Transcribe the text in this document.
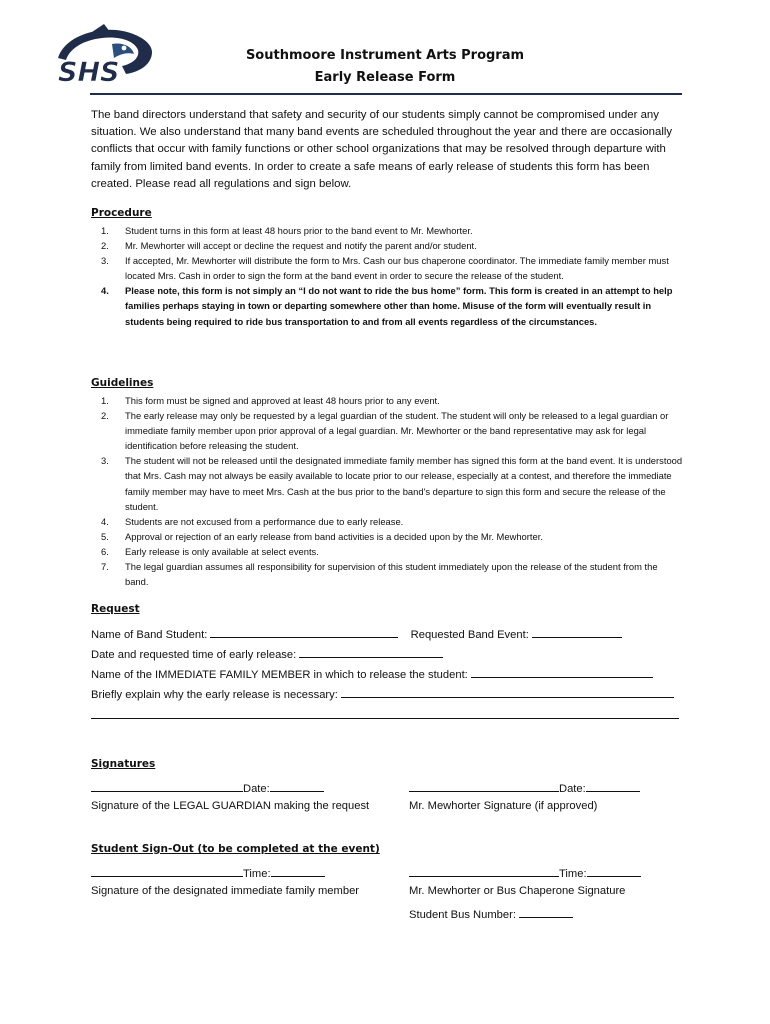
SHS
Southmoore Instrument Arts Program
Early Release Form
The band directors understand that safety and security of our students simply cannot be compromised under any situation. We also understand that many band events are scheduled throughout the year and there are occasionally conflicts that occur with family functions or other school organizations that may be resolved through departure with family from limited band events. In order to create a safe means of early release of students this form has been created. Please read all regulations and sign below.
Procedure
1. Student turns in this form at least 48 hours prior to the band event to Mr. Mewhorter.
2. Mr. Mewhorter will accept or decline the request and notify the parent and/or student.
3. If accepted, Mr. Mewhorter will distribute the form to Mrs. Cash our bus chaperone coordinator. The immediate family member must located Mrs. Cash in order to sign the form at the band event in order to secure the release of the student.
4. Please note, this form is not simply an “I do not want to ride the bus home” form. This form is created in an attempt to help families perhaps staying in town or departing somewhere other than home. Misuse of the form will eventually result in students being required to ride bus transportation to and from all events regardless of the circumstances.
Guidelines
1. This form must be signed and approved at least 48 hours prior to any event.
2. The early release may only be requested by a legal guardian of the student. The student will only be released to a legal guardian or immediate family member upon prior approval of a legal guardian. Mr. Mewhorter or the band representative may ask for legal identification before releasing the student.
3. The student will not be released until the designated immediate family member has signed this form at the band event. It is understood that Mrs. Cash may not always be easily available to locate prior to our release, especially at a contest, and therefore the immediate family member may have to meet Mrs. Cash at the bus prior to the band's departure to sign this form and secure the release of the student.
4. Students are not excused from a performance due to early release.
5. Approval or rejection of an early release from band activities is a decided upon by the Mr. Mewhorter.
6. Early release is only available at select events.
7. The legal guardian assumes all responsibility for supervision of this student immediately upon the release of the student from the band.
Request
Name of Band Student:	Requested Band Event:
Date and requested time of early release:
Name of the IMMEDIATE FAMILY MEMBER in which to release the student:
Briefly explain why the early release is necessary:
Signatures
Date:	Date:
Signature of the LEGAL GUARDIAN making the request	Mr. Mewhorter Signature (if approved)
Student Sign-Out (to be completed at the event)
Time:	Time:
Signature of the designated immediate family member	Mr. Mewhorter or Bus Chaperone Signature
Student Bus Number:
